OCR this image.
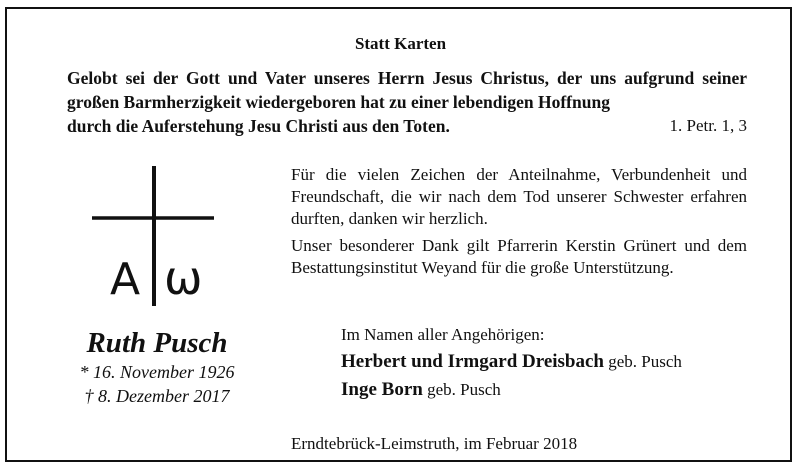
Statt Karten
Gelobt sei der Gott und Vater unseres Herrn Jesus Christus, der uns aufgrund seiner großen Barmherzigkeit wiedergeboren hat zu einer lebendigen Hoffnung
durch die Auferstehung Jesu Christi aus den Toten.	1. Petr. 1, 3
A ω

Für die vielen Zeichen der Anteilnahme, Verbundenheit und Freundschaft, die wir nach dem Tod unserer Schwester erfahren durften, danken wir herzlich.

Unser besonderer Dank gilt Pfarrerin Kerstin Grünert und dem Bestattungsinstitut Weyand für die große Unterstützung.

Ruth Pusch
* 16. November 1926
† 8. Dezember 2017
Im Namen aller Angehörigen:
Herbert und Irmgard Dreisbach geb. Pusch
Inge Born geb. Pusch
Erndtebrück-Leimstruth, im Februar 2018
